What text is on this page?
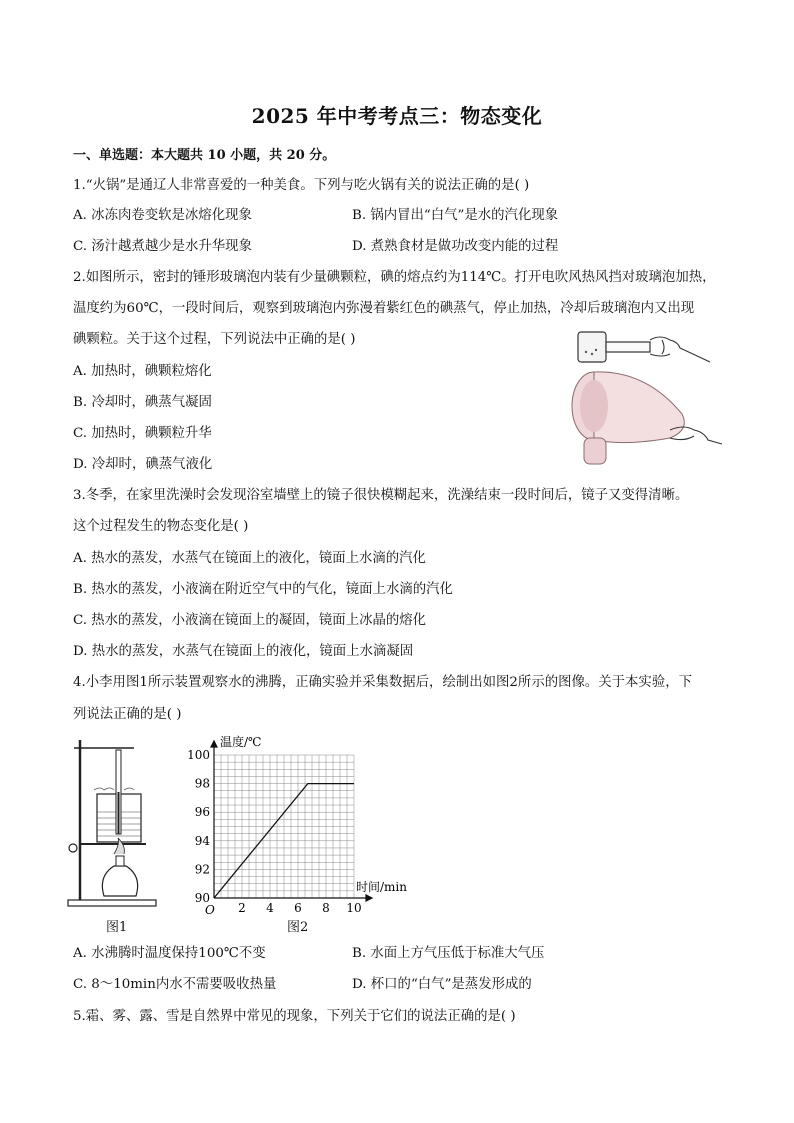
2025 年中考考点三：物态变化
一、单选题：本大题共 10 小题，共 20 分。
1.“火锅”是通辽人非常喜爱的一种美食。下列与吃火锅有关的说法正确的是( )
A. 冰冻肉卷变软是冰熔化现象	B. 锅内冒出“白气”是水的汽化现象
C. 汤汁越煮越少是水升华现象	D. 煮熟食材是做功改变内能的过程
2.如图所示，密封的锤形玻璃泡内装有少量碘颗粒，碘的熔点约为114℃。打开电吹风热风挡对玻璃泡加热，
温度约为60℃，一段时间后，观察到玻璃泡内弥漫着紫红色的碘蒸气，停止加热，冷却后玻璃泡内又出现
碘颗粒。关于这个过程，下列说法中正确的是( )
A. 加热时，碘颗粒熔化
B. 冷却时，碘蒸气凝固
C. 加热时，碘颗粒升华
D. 冷却时，碘蒸气液化
3.冬季，在家里洗澡时会发现浴室墙壁上的镜子很快模糊起来，洗澡结束一段时间后，镜子又变得清晰。
这个过程发生的物态变化是( )
A. 热水的蒸发，水蒸气在镜面上的液化，镜面上水滴的汽化
B. 热水的蒸发，小液滴在附近空气中的气化，镜面上水滴的汽化
C. 热水的蒸发，小液滴在镜面上的凝固，镜面上冰晶的熔化
D. 热水的蒸发，水蒸气在镜面上的液化，镜面上水滴凝固
4.小李用图1所示装置观察水的沸腾，正确实验并采集数据后，绘制出如图2所示的图像。关于本实验，下
列说法正确的是( )
图1
2 4 6 8 10
90
92
94
96
98
100
温度/℃
时间/min
O
图2
A. 水沸腾时温度保持100℃不变	B. 水面上方气压低于标准大气压
C. 8～10min内水不需要吸收热量	D. 杯口的“白气”是蒸发形成的
5.霜、雾、露、雪是自然界中常见的现象，下列关于它们的说法正确的是( )
